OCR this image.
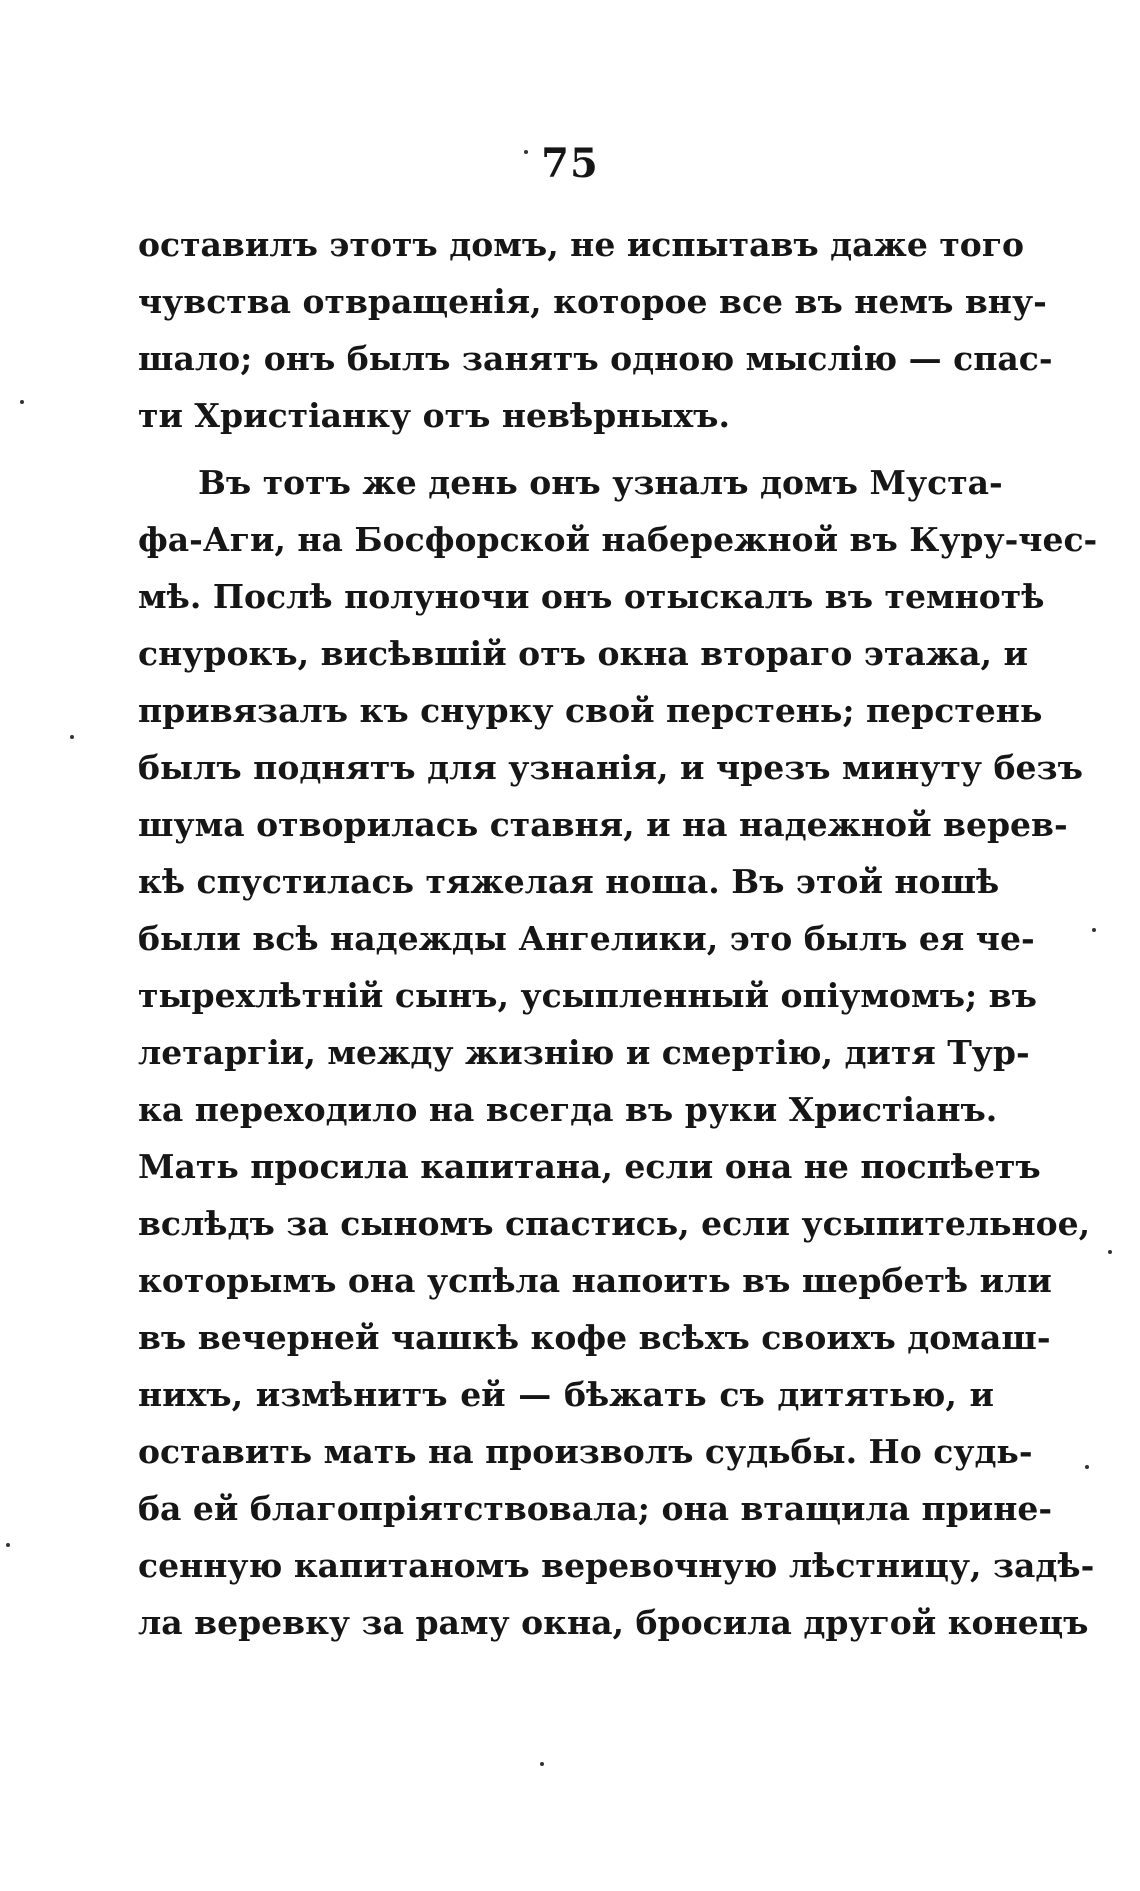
75
оставилъ этотъ домъ, не испытавъ даже того
чувства отвращенія, которое все въ немъ вну-
шало; онъ былъ занятъ одною мыслію — спас-
ти Христіанку отъ невѣрныхъ.
Въ тотъ же день онъ узналъ домъ Мустa-
фа-Аги, на Босфорской набережной въ Куру-чес-
мѣ. Послѣ полуночи онъ отыскалъ въ темнотѣ
снурокъ, висѣвшій отъ окна втораго этажа, и
привязалъ къ снурку свой перстень; перстень
былъ поднятъ для узнанія, и чрезъ минуту безъ
шума отворилась ставня, и на надежной верев-
кѣ спустилась тяжелая ноша. Въ этой ношѣ
были всѣ надежды Ангелики, это былъ ея че-
тырехлѣтній сынъ, усыпленный опіумомъ; въ
летаргіи, между жизнію и смертію, дитя Тур-
ка переходило на всегда въ руки Христіанъ.
Мать просила капитана, если она не поспѣетъ
вслѣдъ за сыномъ спастись, если усыпительное,
которымъ она успѣла напоить въ шербетѣ или
въ вечерней чашкѣ кофе всѣхъ своихъ домаш-
нихъ, измѣнитъ ей — бѣжать съ дитятью, и
оставить мать на произволъ судьбы. Но судь-
ба ей благопріятствовала; она втащила прине-
сенную капитаномъ веревочную лѣстницу, задѣ-
ла веревку за раму окна, бросила другой конецъ
